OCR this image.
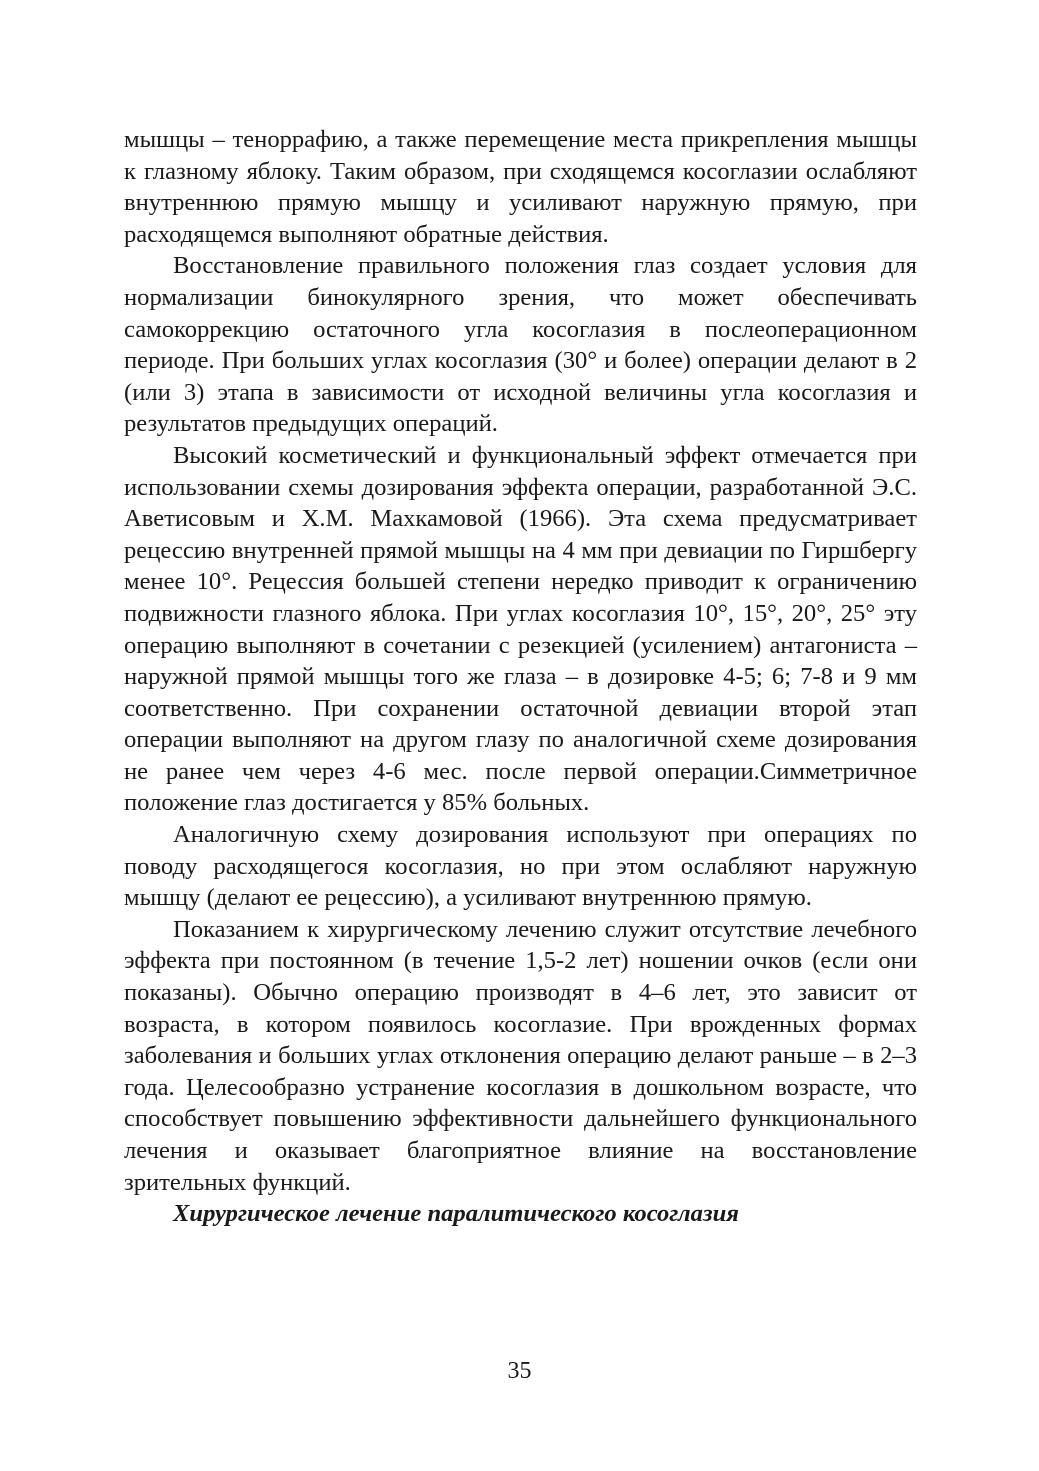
мышцы – тенорpафию, а также перемещение места прикрепления мышцы к глазному яблоку. Таким образом, при сходящемся косоглазии ослабляют внутреннюю прямую мышцу и усиливают наружную прямую, при расходящемся выполняют обратные действия.

Восстановление правильного положения глаз создает условия для нормализации бинокулярного зрения, что может обеспечивать самокоррекцию остаточного угла косоглазия в послеоперационном периоде. При больших углах косоглазия (30° и более) операции делают в 2 (или 3) этапа в зависимости от исходной величины угла косоглазия и результатов предыдущих операций.

Высокий косметический и функциональный эффект отмечается при использовании схемы дозирования эффекта операции, разработанной Э.С. Аветисовым и Х.М. Махкамовой (1966). Эта схема предусматривает рецессию внутренней прямой мышцы на 4 мм при девиации по Гиршбергу менее 10°. Рецессия большей степени нередко приводит к ограничению подвижности глазного яблока. При углах косоглазия 10°, 15°, 20°, 25° эту операцию выполняют в сочетании с резекцией (усилением) антагониста – наружной прямой мышцы того же глаза – в дозировке 4-5; 6; 7-8 и 9 мм соответственно. При сохранении остаточной девиации второй этап операции выполняют на другом глазу по аналогичной схеме дозирования не ранее чем через 4-6 мес. после первой операции.Симметричное положение глаз достигается у 85% больных.

Аналогичную схему дозирования используют при операциях по поводу расходящегося косоглазия, но при этом ослабляют наружную мышцу (делают ее рецессию), а усиливают внутреннюю прямую.

Показанием к хирургическому лечению служит отсутствие лечебного эффекта при постоянном (в течение 1,5-2 лет) ношении очков (если они показаны). Обычно операцию производят в 4–6 лет, это зависит от возраста, в котором появилось косоглазие. При врожденных формах заболевания и больших углах отклонения операцию делают раньше – в 2–3 года. Целесообразно устранение косоглазия в дошкольном возрасте, что способствует повышению эффективности дальнейшего функционального лечения и оказывает благоприятное влияние на восстановление зрительных функций.

Хирургическое лечение паралитического косоглазия

35
